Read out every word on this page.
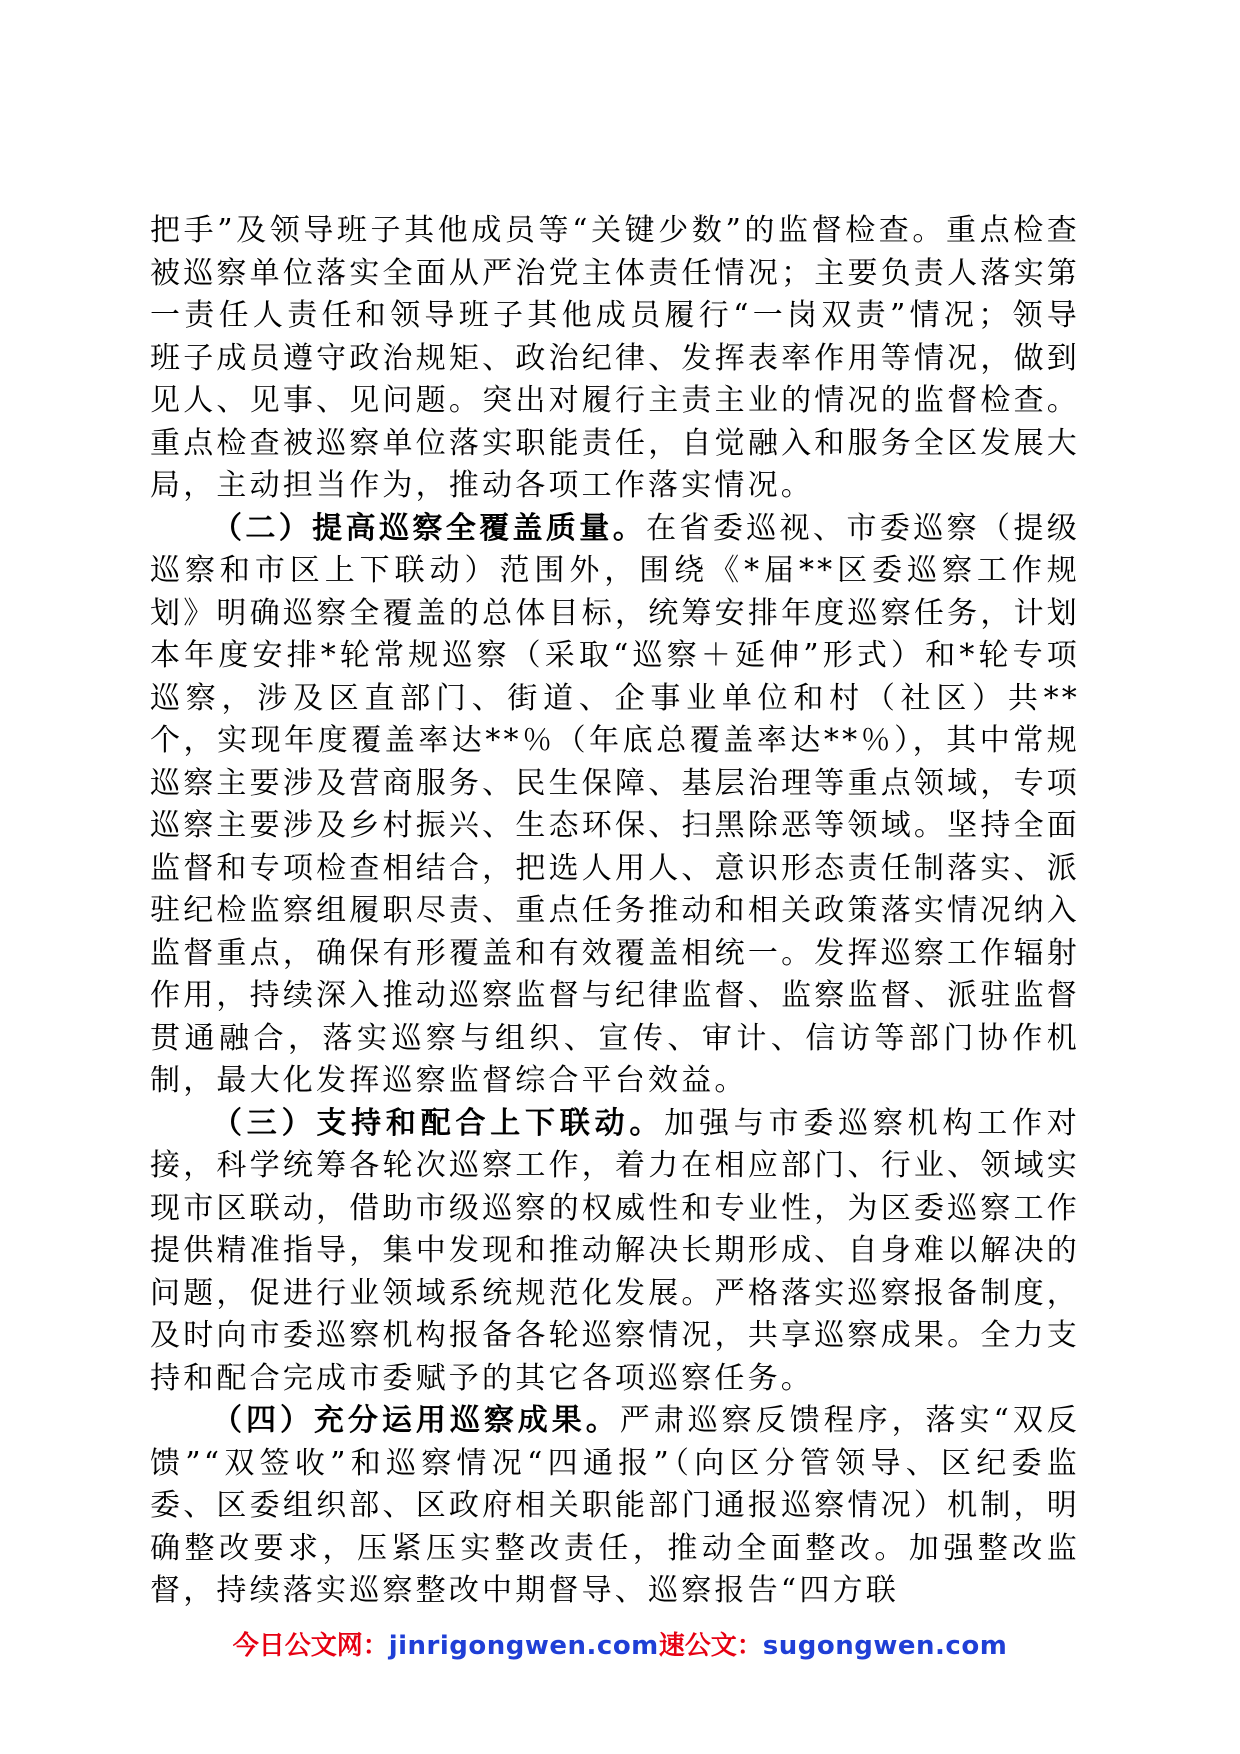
把手”及领导班子其他成员等“关键少数”的监督检查。重点检查被巡察单位落实全面从严治党主体责任情况；主要负责人落实第一责任人责任和领导班子其他成员履行“一岗双责”情况；领导班子成员遵守政治规矩、政治纪律、发挥表率作用等情况，做到见人、见事、见问题。突出对履行主责主业的情况的监督检查。重点检查被巡察单位落实职能责任，自觉融入和服务全区发展大局，主动担当作为，推动各项工作落实情况。

（二）提高巡察全覆盖质量。在省委巡视、市委巡察（提级巡察和市区上下联动）范围外，围绕《*届**区委巡察工作规划》明确巡察全覆盖的总体目标，统筹安排年度巡察任务，计划本年度安排*轮常规巡察（采取“巡察＋延伸”形式）和*轮专项巡察，涉及区直部门、街道、企事业单位和村（社区）共**个，实现年度覆盖率达**％（年底总覆盖率达**％），其中常规巡察主要涉及营商服务、民生保障、基层治理等重点领域，专项巡察主要涉及乡村振兴、生态环保、扫黑除恶等领域。坚持全面监督和专项检查相结合，把选人用人、意识形态责任制落实、派驻纪检监察组履职尽责、重点任务推动和相关政策落实情况纳入监督重点，确保有形覆盖和有效覆盖相统一。发挥巡察工作辐射作用，持续深入推动巡察监督与纪律监督、监察监督、派驻监督贯通融合，落实巡察与组织、宣传、审计、信访等部门协作机制，最大化发挥巡察监督综合平台效益。

（三）支持和配合上下联动。加强与市委巡察机构工作对接，科学统筹各轮次巡察工作，着力在相应部门、行业、领域实现市区联动，借助市级巡察的权威性和专业性，为区委巡察工作提供精准指导，集中发现和推动解决长期形成、自身难以解决的问题，促进行业领域系统规范化发展。严格落实巡察报备制度，及时向市委巡察机构报备各轮巡察情况，共享巡察成果。全力支持和配合完成市委赋予的其它各项巡察任务。

（四）充分运用巡察成果。严肃巡察反馈程序，落实“双反馈”“双签收”和巡察情况“四通报”（向区分管领导、区纪委监委、区委组织部、区政府相关职能部门通报巡察情况）机制，明确整改要求，压紧压实整改责任，推动全面整改。加强整改监督，持续落实巡察整改中期督导、巡察报告“四方联

今日公文网：jinrigongwen.com速公文：sugongwen.com
